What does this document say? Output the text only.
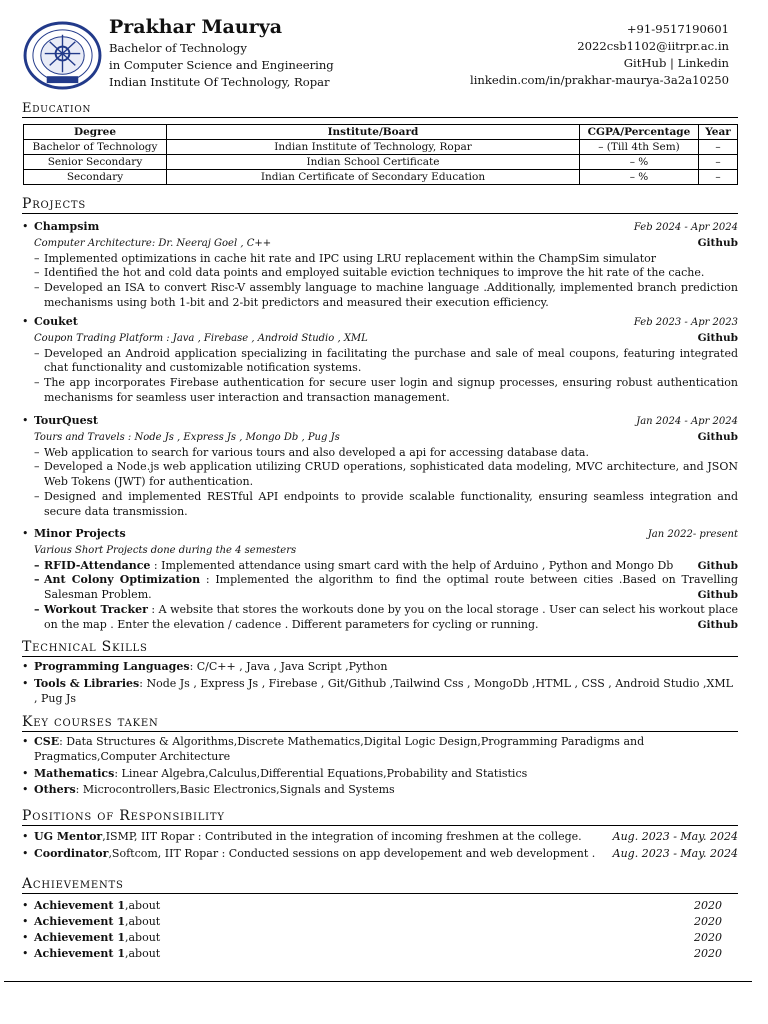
Prakhar Maurya
Bachelor of Technology
in Computer Science and Engineering
Indian Institute Of Technology, Ropar
+91-9517190601
2022csb1102@iitrpr.ac.in
GitHub | Linkedin
linkedin.com/in/prakhar-maurya-3a2a10250
Education
Degree	Institute/Board	CGPA/Percentage	Year
Bachelor of Technology	Indian Institute of Technology, Ropar	– (Till 4th Sem)	–
Senior Secondary	Indian School Certificate	– %	–
Secondary	Indian Certificate of Secondary Education	– %	–
Projects
• Champsim	Feb 2024 - Apr 2024
Computer Architecture: Dr. Neeraj Goel , C++	Github
– Implemented optimizations in cache hit rate and IPC using LRU replacement within the ChampSim simulator
– Identified the hot and cold data points and employed suitable eviction techniques to improve the hit rate of the cache.
– Developed an ISA to convert Risc-V assembly language to machine language .Additionally, implemented branch prediction mechanisms using both 1-bit and 2-bit predictors and measured their execution efficiency.
• Couket	Feb 2023 - Apr 2023
Coupon Trading Platform : Java , Firebase , Android Studio , XML	Github
– Developed an Android application specializing in facilitating the purchase and sale of meal coupons, featuring integrated chat functionality and customizable notification systems.
– The app incorporates Firebase authentication for secure user login and signup processes, ensuring robust authentication mechanisms for seamless user interaction and transaction management.
• TourQuest	Jan 2024 - Apr 2024
Tours and Travels : Node Js , Express Js , Mongo Db , Pug Js	Github
– Web application to search for various tours and also developed a api for accessing database data.
– Developed a Node.js web application utilizing CRUD operations, sophisticated data modeling, MVC architecture, and JSON Web Tokens (JWT) for authentication.
– Designed and implemented RESTful API endpoints to provide scalable functionality, ensuring seamless integration and secure data transmission.
• Minor Projects	Jan 2022- present
Various Short Projects done during the 4 semesters
– RFID-Attendance : Implemented attendance using smart card with the help of Arduino , Python and Mongo Db Github
– Ant Colony Optimization : Implemented the algorithm to find the optimal route between cities .Based on Travelling Salesman Problem.	Github
– Workout Tracker : A website that stores the workouts done by you on the local storage . User can select his workout place on the map . Enter the elevation / cadence . Different parameters for cycling or running.	Github
Technical Skills
• Programming Languages: C/C++ , Java , Java Script ,Python
• Tools & Libraries: Node Js , Express Js , Firebase , Git/Github ,Tailwind Css , MongoDb ,HTML , CSS , Android Studio ,XML , Pug Js
Key courses taken
• CSE: Data Structures & Algorithms,Discrete Mathematics,Digital Logic Design,Programming Paradigms and Pragmatics,Computer Architecture
• Mathematics: Linear Algebra,Calculus,Differential Equations,Probability and Statistics
• Others: Microcontrollers,Basic Electronics,Signals and Systems
Positions of Responsibility
• UG Mentor,ISMP, IIT Ropar : Contributed in the integration of incoming freshmen at the college.	Aug. 2023 - May. 2024
• Coordinator,Softcom, IIT Ropar : Conducted sessions on app developement and web development . Aug. 2023 - May. 2024
Achievements
• Achievement 1,about	2020
• Achievement 1,about	2020
• Achievement 1,about	2020
• Achievement 1,about	2020
